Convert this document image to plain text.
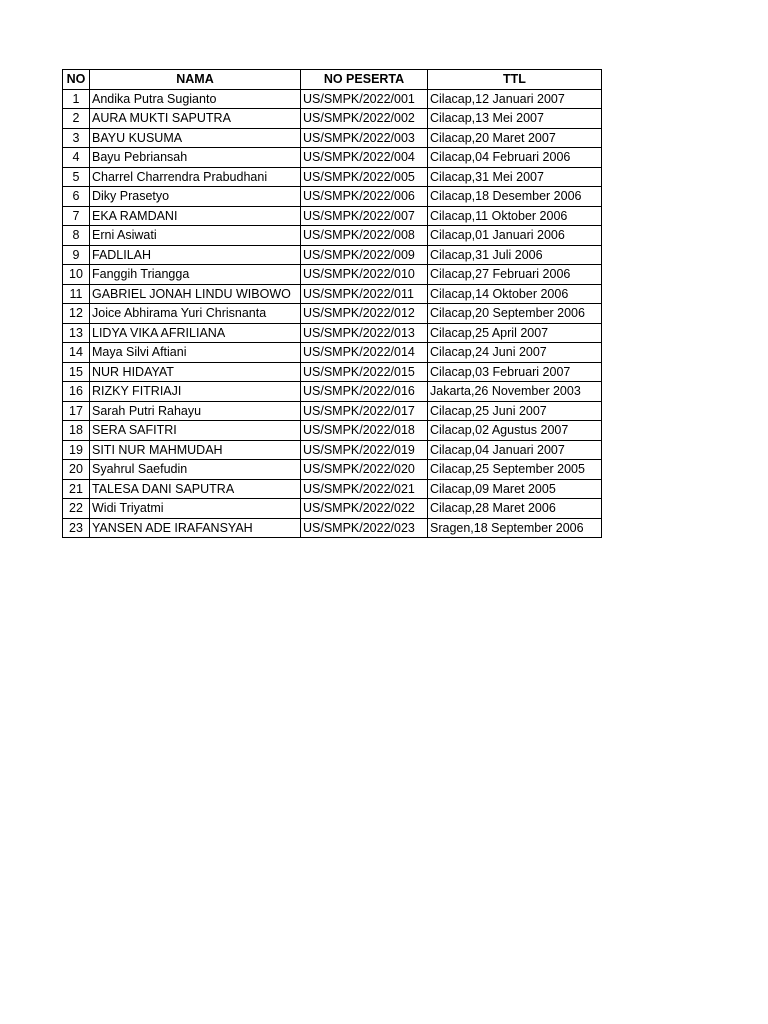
NO	NAMA	NO PESERTA	TTL
1	Andika Putra Sugianto	US/SMPK/2022/001	Cilacap,12 Januari 2007
2	AURA MUKTI SAPUTRA	US/SMPK/2022/002	Cilacap,13 Mei 2007
3	BAYU KUSUMA	US/SMPK/2022/003	Cilacap,20 Maret 2007
4	Bayu Pebriansah	US/SMPK/2022/004	Cilacap,04 Februari 2006
5	Charrel Charrendra Prabudhani	US/SMPK/2022/005	Cilacap,31 Mei 2007
6	Diky Prasetyo	US/SMPK/2022/006	Cilacap,18 Desember 2006
7	EKA RAMDANI	US/SMPK/2022/007	Cilacap,11 Oktober 2006
8	Erni Asiwati	US/SMPK/2022/008	Cilacap,01 Januari 2006
9	FADLILAH	US/SMPK/2022/009	Cilacap,31 Juli 2006
10	Fanggih Triangga	US/SMPK/2022/010	Cilacap,27 Februari 2006
11	GABRIEL JONAH LINDU WIBOWO	US/SMPK/2022/011	Cilacap,14 Oktober 2006
12	Joice Abhirama Yuri Chrisnanta	US/SMPK/2022/012	Cilacap,20 September 2006
13	LIDYA VIKA AFRILIANA	US/SMPK/2022/013	Cilacap,25 April 2007
14	Maya Silvi Aftiani	US/SMPK/2022/014	Cilacap,24 Juni 2007
15	NUR HIDAYAT	US/SMPK/2022/015	Cilacap,03 Februari 2007
16	RIZKY FITRIAJI	US/SMPK/2022/016	Jakarta,26 November 2003
17	Sarah Putri Rahayu	US/SMPK/2022/017	Cilacap,25 Juni 2007
18	SERA SAFITRI	US/SMPK/2022/018	Cilacap,02 Agustus 2007
19	SITI NUR MAHMUDAH	US/SMPK/2022/019	Cilacap,04 Januari 2007
20	Syahrul Saefudin	US/SMPK/2022/020	Cilacap,25 September 2005
21	TALESA DANI SAPUTRA	US/SMPK/2022/021	Cilacap,09 Maret 2005
22	Widi Triyatmi	US/SMPK/2022/022	Cilacap,28 Maret 2006
23	YANSEN ADE IRAFANSYAH	US/SMPK/2022/023	Sragen,18 September 2006
